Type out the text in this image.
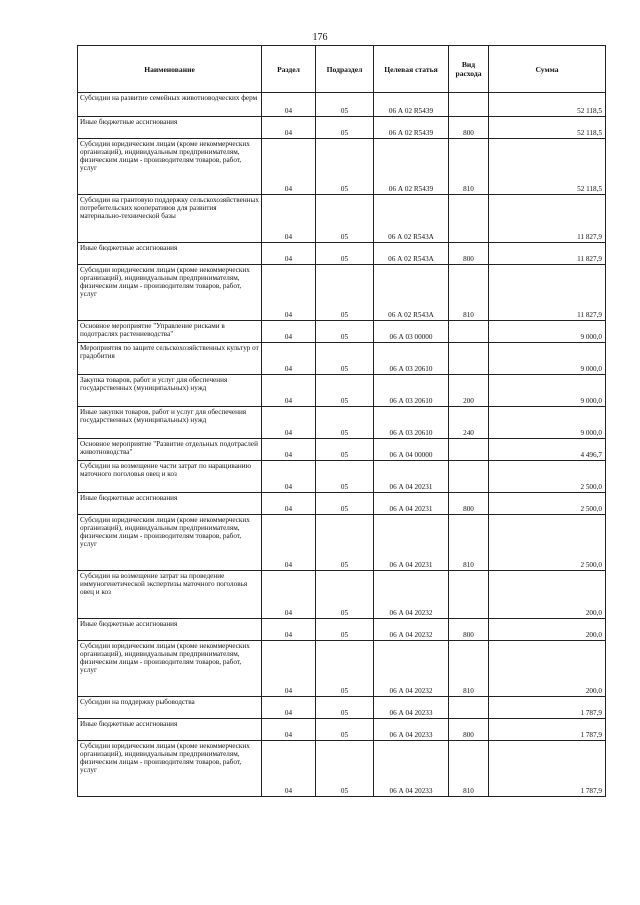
176
Наименование	Раздел	Подраздел	Целевая статья	Вид расхода	Сумма
Субсидии на развитие семейных животноводческих ферм	04	05	06 А 02 R5439		52 118,5
Иные бюджетные ассигнования	04	05	06 А 02 R5439	800	52 118,5
Субсидии юридическим лицам (кроме некоммерческих организаций), индивидуальным предпринимателям, физическим лицам - производителям товаров, работ, услуг	04	05	06 А 02 R5439	810	52 118,5
Субсидии на грантовую поддержку сельскохозяйственных потребительских кооперативов для развития материально-технической базы	04	05	06 А 02 R543А		11 827,9
Иные бюджетные ассигнования	04	05	06 А 02 R543А	800	11 827,9
Субсидии юридическим лицам (кроме некоммерческих организаций), индивидуальным предпринимателям, физическим лицам - производителям товаров, работ, услуг	04	05	06 А 02 R543А	810	11 827,9
Основное мероприятие "Управление рисками в подотраслях растениеводства"	04	05	06 А 03 00000		9 000,0
Мероприятия по защите сельскохозяйственных культур от градобития	04	05	06 А 03 20610		9 000,0
Закупка товаров, работ и услуг для обеспечения государственных (муниципальных) нужд	04	05	06 А 03 20610	200	9 000,0
Иные закупки товаров, работ и услуг для обеспечения государственных (муниципальных) нужд	04	05	06 А 03 20610	240	9 000,0
Основное мероприятие "Развитие отдельных подотраслей животноводства"	04	05	06 А 04 00000		4 496,7
Субсидии на возмещение части затрат по наращиванию маточного поголовья овец и коз	04	05	06 А 04 20231		2 500,0
Иные бюджетные ассигнования	04	05	06 А 04 20231	800	2 500,0
Субсидии юридическим лицам (кроме некоммерческих организаций), индивидуальным предпринимателям, физическим лицам - производителям товаров, работ, услуг	04	05	06 А 04 20231	810	2 500,0
Субсидии на возмещение затрат на проведение иммуногенетической экспертизы маточного поголовья овец и коз	04	05	06 А 04 20232		200,0
Иные бюджетные ассигнования	04	05	06 А 04 20232	800	200,0
Субсидии юридическим лицам (кроме некоммерческих организаций), индивидуальным предпринимателям, физическим лицам - производителям товаров, работ, услуг	04	05	06 А 04 20232	810	200,0
Субсидии на поддержку рыбоводства	04	05	06 А 04 20233		1 787,9
Иные бюджетные ассигнования	04	05	06 А 04 20233	800	1 787,9
Субсидии юридическим лицам (кроме некоммерческих организаций), индивидуальным предпринимателям, физическим лицам - производителям товаров, работ, услуг	04	05	06 А 04 20233	810	1 787,9
